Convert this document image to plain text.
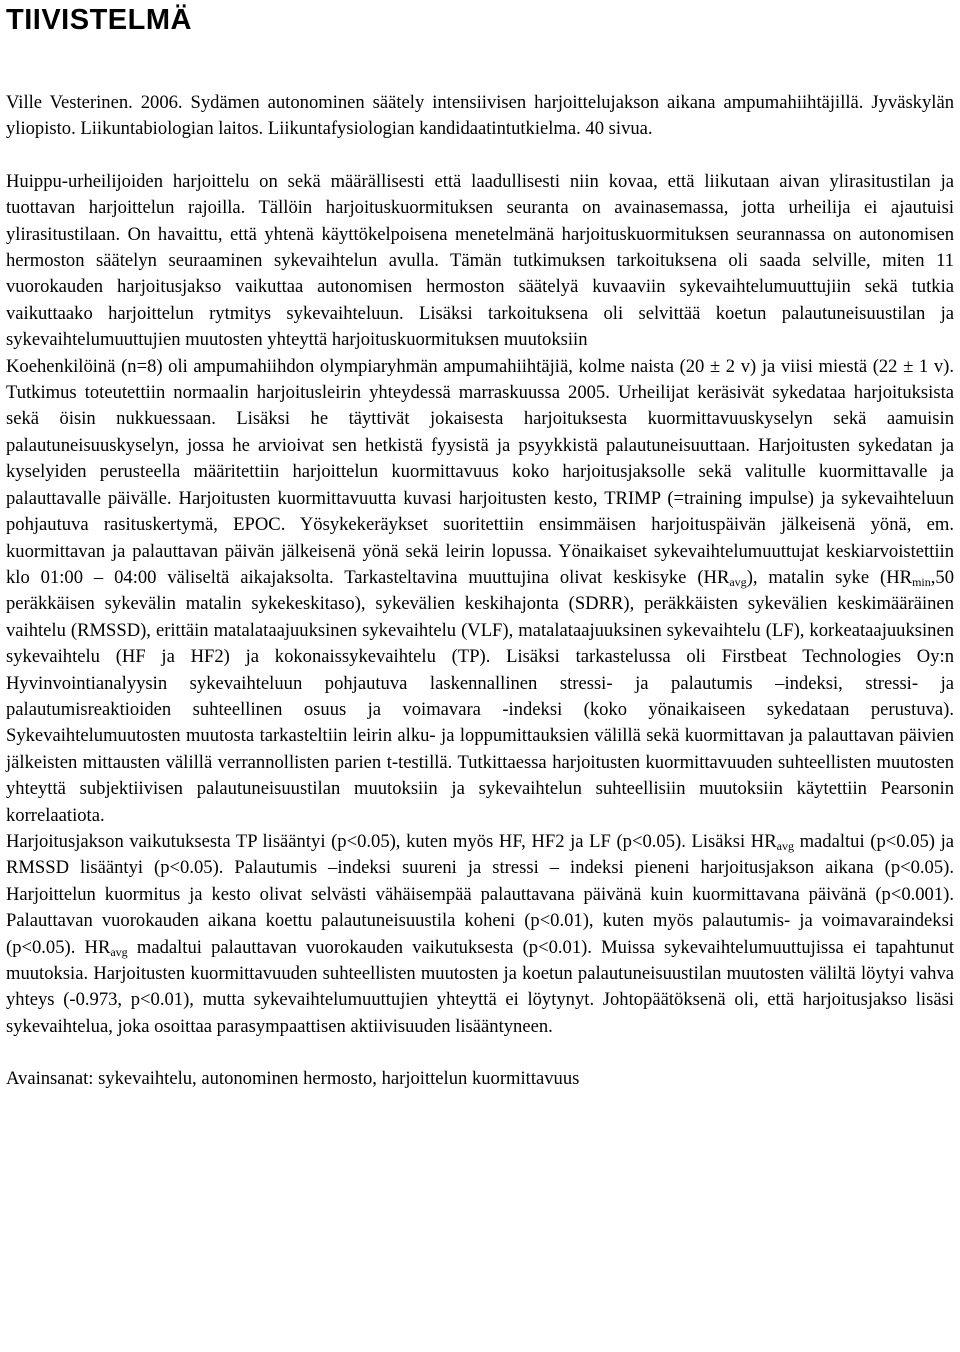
TIIVISTELMÄ

Ville Vesterinen. 2006. Sydämen autonominen säätely intensiivisen harjoittelujakson aikana ampumahiihtäjillä. Jyväskylän yliopisto. Liikuntabiologian laitos. Liikuntafysiologian kandidaatintutkielma. 40 sivua.

Huippu-urheilijoiden harjoittelu on sekä määrällisesti että laadullisesti niin kovaa, että liikutaan aivan ylirasitustilan ja tuottavan harjoittelun rajoilla. Tällöin harjoituskuormituksen seuranta on avainasemassa, jotta urheilija ei ajautuisi ylirasitustilaan. On havaittu, että yhtenä käyttökelpoisena menetelmänä harjoituskuormituksen seurannassa on autonomisen hermoston säätelyn seuraaminen sykevaihtelun avulla. Tämän tutkimuksen tarkoituksena oli saada selville, miten 11 vuorokauden harjoitusjakso vaikuttaa autonomisen hermoston säätelyä kuvaaviin sykevaihtelumuuttujiin sekä tutkia vaikuttaako harjoittelun rytmitys sykevaihteluun. Lisäksi tarkoituksena oli selvittää koetun palautuneisuustilan ja sykevaihtelumuuttujien muutosten yhteyttä harjoituskuormituksen muutoksiin

Koehenkilöinä (n=8) oli ampumahiihdon olympiaryhmän ampumahiihtäjiä, kolme naista (20 ± 2 v) ja viisi miestä (22 ± 1 v). Tutkimus toteutettiin normaalin harjoitusleirin yhteydessä marraskuussa 2005. Urheilijat keräsivät sykedataa harjoituksista sekä öisin nukkuessaan. Lisäksi he täyttivät jokaisesta harjoituksesta kuormittavuuskyselyn sekä aamuisin palautuneisuuskyselyn, jossa he arvioivat sen hetkistä fyysistä ja psyykkistä palautuneisuuttaan. Harjoitusten sykedatan ja kyselyiden perusteella määritettiin harjoittelun kuormittavuus koko harjoitusjaksolle sekä valitulle kuormittavalle ja palauttavalle päivälle. Harjoitusten kuormittavuutta kuvasi harjoitusten kesto, TRIMP (=training impulse) ja sykevaihteluun pohjautuva rasituskertymä, EPOC. Yösykekeräykset suoritettiin ensimmäisen harjoituspäivän jälkeisenä yönä, em. kuormittavan ja palauttavan päivän jälkeisenä yönä sekä leirin lopussa. Yönaikaiset sykevaihtelumuuttujat keskiarvoistettiin klo 01:00 – 04:00 väliseltä aikajaksolta. Tarkasteltavina muuttujina olivat keskisyke $(HR_{avg})$, matalin syke ($HR_{min},50$ peräkkäisen sykevälin matalin sykekeskitaso), sykevälien keskihajonta (SDRR), peräkkäisten sykevälien keskimääräinen vaihtelu (RMSSD), erittäin matalataajuuksinen sykevaihtelu (VLF), matalataajuuksinen sykevaihtelu (LF), korkeataajuuksinen sykevaihtelu (HF ja HF2) ja kokonaissykevaihtelu (TP). Lisäksi tarkastelussa oli Firstbeat Technologies Oy:n Hyvinvointianalyysin sykevaihteluun pohjautuva laskennallinen stressi- ja palautumis –indeksi, stressi- ja palautumisreaktioiden suhteellinen osuus ja voimavara -indeksi (koko yönaikaiseen sykedataan perustuva). Sykevaihtelumuutosten muutosta tarkasteltiin leirin alku- ja loppumittauksien välillä sekä kuormittavan ja palauttavan päivien jälkeisten mittausten välillä verrannollisten parien t-testillä. Tutkittaessa harjoitusten kuormittavuuden suhteellisten muutosten yhteyttä subjektiivisen palautuneisuustilan muutoksiin ja sykevaihtelun suhteellisiin muutoksiin käytettiin Pearsonin korrelaatiota.

Harjoitusjakson vaikutuksesta TP lisääntyi (p<0.05), kuten myös HF, HF2 ja LF (p<0.05). Lisäksi $HR_{avg}$ madaltui (p<0.05) ja RMSSD lisääntyi (p<0.05). Palautumis –indeksi suureni ja stressi – indeksi pieneni harjoitusjakson aikana (p<0.05). Harjoittelun kuormitus ja kesto olivat selvästi vähäisempää palauttavana päivänä kuin kuormittavana päivänä (p<0.001). Palauttavan vuorokauden aikana koettu palautuneisuustila koheni (p<0.01), kuten myös palautumis- ja voimavaraindeksi (p<0.05). $HR_{avg}$ madaltui palauttavan vuorokauden vaikutuksesta (p<0.01). Muissa sykevaihtelumuuttujissa ei tapahtunut muutoksia. Harjoitusten kuormittavuuden suhteellisten muutosten ja koetun palautuneisuustilan muutosten väliltä löytyi vahva yhteys (-0.973, p<0.01), mutta sykevaihtelumuuttujien yhteyttä ei löytynyt. Johtopäätöksenä oli, että harjoitusjakso lisäsi sykevaihtelua, joka osoittaa parasympaattisen aktiivisuuden lisääntyneen.

Avainsanat: sykevaihtelu, autonominen hermosto, harjoittelun kuormittavuus
